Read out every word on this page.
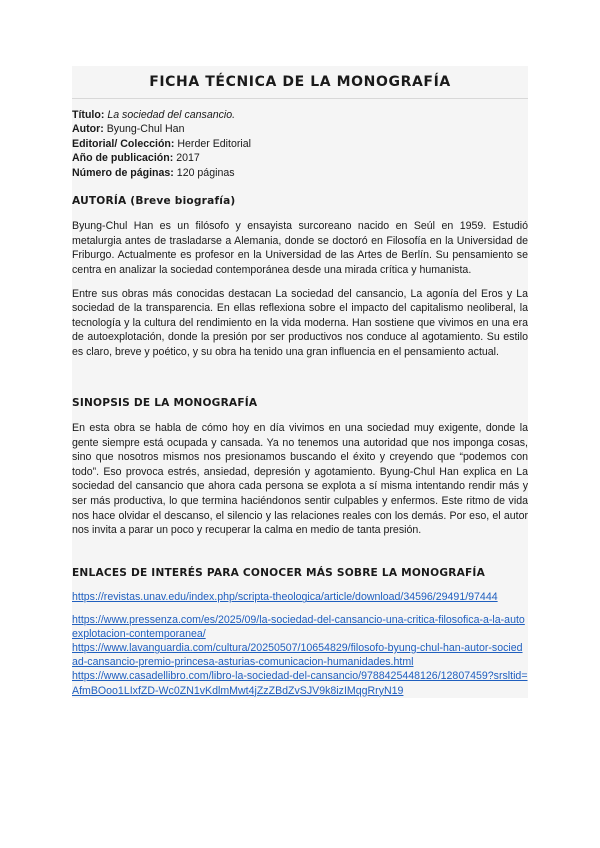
FICHA TÉCNICA DE LA MONOGRAFÍA
Título: La sociedad del cansancio.
Autor: Byung-Chul Han
Editorial/ Colección: Herder Editorial
Año de publicación: 2017
Número de páginas: 120 páginas
AUTORÍA (Breve biografía)

Byung-Chul Han es un filósofo y ensayista surcoreano nacido en Seúl en 1959. Estudió metalurgia antes de trasladarse a Alemania, donde se doctoró en Filosofía en la Universidad de Friburgo. Actualmente es profesor en la Universidad de las Artes de Berlín. Su pensamiento se centra en analizar la sociedad contemporánea desde una mirada crítica y humanista.

Entre sus obras más conocidas destacan La sociedad del cansancio, La agonía del Eros y La sociedad de la transparencia. En ellas reflexiona sobre el impacto del capitalismo neoliberal, la tecnología y la cultura del rendimiento en la vida moderna. Han sostiene que vivimos en una era de autoexplotación, donde la presión por ser productivos nos conduce al agotamiento. Su estilo es claro, breve y poético, y su obra ha tenido una gran influencia en el pensamiento actual.

SINOPSIS DE LA MONOGRAFÍA

En esta obra se habla de cómo hoy en día vivimos en una sociedad muy exigente, donde la gente siempre está ocupada y cansada. Ya no tenemos una autoridad que nos imponga cosas, sino que nosotros mismos nos presionamos buscando el éxito y creyendo que “podemos con todo”. Eso provoca estrés, ansiedad, depresión y agotamiento. Byung-Chul Han explica en La sociedad del cansancio que ahora cada persona se explota a sí misma intentando rendir más y ser más productiva, lo que termina haciéndonos sentir culpables y enfermos. Este ritmo de vida nos hace olvidar el descanso, el silencio y las relaciones reales con los demás. Por eso, el autor nos invita a parar un poco y recuperar la calma en medio de tanta presión.

ENLACES DE INTERÉS PARA CONOCER MÁS SOBRE LA MONOGRAFÍA
https://revistas.unav.edu/index.php/scripta-theologica/article/download/34596/29491/97444
https://www.pressenza.com/es/2025/09/la-sociedad-del-cansancio-una-critica-filosofica-a-la-autoexplotacion-contemporanea/
https://www.lavanguardia.com/cultura/20250507/10654829/filosofo-byung-chul-han-autor-sociedad-cansancio-premio-princesa-asturias-comunicacion-humanidades.html
https://www.casadellibro.com/libro-la-sociedad-del-cansancio/9788425448126/12807459?srsltid=AfmBOoo1LIxfZD-Wc0ZN1vKdlmMwt4jZzZBdZvSJV9k8izIMqgRryN19
